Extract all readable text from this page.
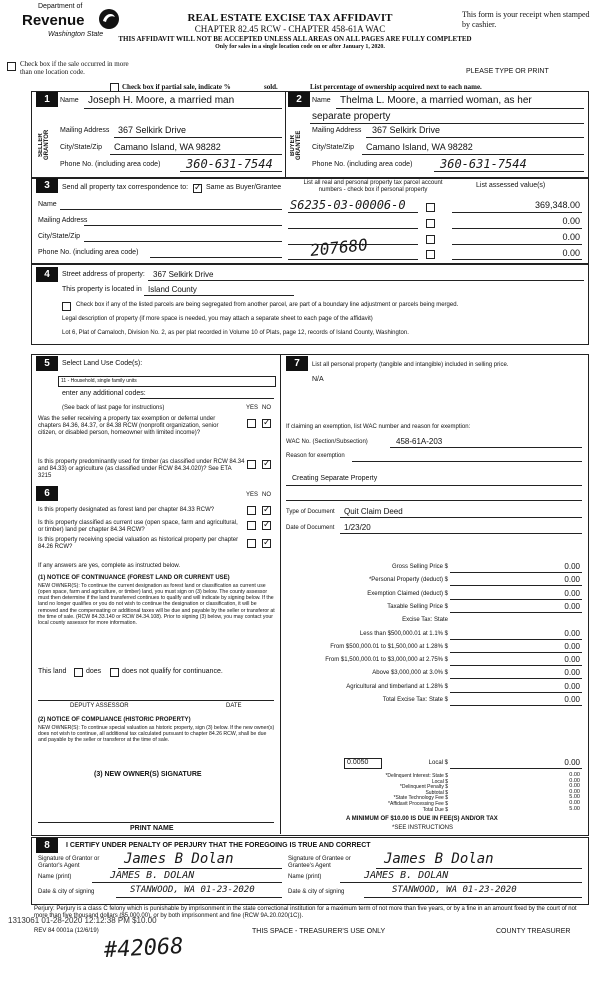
Department of
Revenue
Washington State
REAL ESTATE EXCISE TAX AFFIDAVIT
CHAPTER 82.45 RCW - CHAPTER 458-61A WAC
THIS AFFIDAVIT WILL NOT BE ACCEPTED UNLESS ALL AREAS ON ALL PAGES ARE FULLY COMPLETED
Only for sales in a single location code on or after January 1, 2020.
This form is your receipt when stamped by cashier.
PLEASE TYPE OR PRINT
Check box if the sale occurred in more than one location code.
Check box if partial sale, indicate %	sold.	List percentage of ownership acquired next to each name.
1
SELLER GRANTOR
Name Joseph H. Moore, a married man
Mailing Address 367 Selkirk Drive
City/State/Zip Camano Island, WA 98282
Phone No. (including area code) 360-631-7544
2
BUYER GRANTEE
Name Thelma L. Moore, a married woman, as her
separate property
Mailing Address 367 Selkirk Drive
City/State/Zip Camano Island, WA 98282
Phone No. (including area code) 360-631-7544
3	Send all property tax correspondence to:
✓	Same as Buyer/Grantee
List all real and personal property tax parcel account numbers - check box if personal property
List assessed value(s)
Name
Mailing Address
City/State/Zip
Phone No. (including area code)
S6235-03-00006-0
207680
369,348.00
0.00
0.00
0.00
4	Street address of property: 367 Selkirk Drive
This property is located in Island County
Check box if any of the listed parcels are being segregated from another parcel, are part of a boundary line adjustment or parcels being merged.
Legal description of property (if more space is needed, you may attach a separate sheet to each page of the affidavit)
Lot 6, Plat of Camaloch, Division No. 2, as per plat recorded in Volume 10 of Plats, page 12, records of Island County, Washington.
5	Select Land Use Code(s):
11 - Household, single family units
enter any additional codes:
(See back of last page for instructions)	YES NO
Was the seller receiving a property tax exemption or deferral under chapters 84.36, 84.37, or 84.38 RCW (nonprofit organization, senior citizen, or disabled person, homeowner with limited income)?
✓
Is this property predominantly used for timber (as classified under RCW 84.34 and 84.33) or agriculture (as classified under RCW 84.34.020)? See ETA 3215
✓
6	YES NO
Is this property designated as forest land per chapter 84.33 RCW?
✓
Is this property classified as current use (open space, farm and agricultural, or timber) land per chapter 84.34 RCW?
✓
Is this property receiving special valuation as historical property per chapter 84.26 RCW?
✓
If any answers are yes, complete as instructed below.
(1) NOTICE OF CONTINUANCE (FOREST LAND OR CURRENT USE)
NEW OWNER(S): To continue the current designation as forest land or classification as current use (open space, farm and agriculture, or timber) land, you must sign on (3) below. The county assessor must then determine if the land transferred continues to qualify and will indicate by signing below. If the land no longer qualifies or you do not wish to continue the designation or classification, it will be removed and the compensating or additional taxes will be due and payable by the seller or transferor at the time of sale. (RCW 84.33.140 or RCW 84.34.108). Prior to signing (3) below, you may contact your local county assessor for more information.
This land	does	does not qualify for continuance.
DEPUTY ASSESSOR	DATE
(2) NOTICE OF COMPLIANCE (HISTORIC PROPERTY)
NEW OWNER(S): To continue special valuation as historic property, sign (3) below. If the new owner(s) does not wish to continue, all additional tax calculated pursuant to chapter 84.26 RCW, shall be due and payable by the seller or transferor at the time of sale.
(3) NEW OWNER(S) SIGNATURE
PRINT NAME
7	List all personal property (tangible and intangible) included in selling price.
N/A
If claiming an exemption, list WAC number and reason for exemption:
WAC No. (Section/Subsection)	458-61A-203
Reason for exemption
Creating Separate Property
Type of Document Quit Claim Deed
Date of Document 1/23/20
Gross Selling Price $	0.00
*Personal Property (deduct) $	0.00
Exemption Claimed (deduct) $	0.00
Taxable Selling Price $	0.00
Excise Tax: State
Less than $500,000.01 at 1.1% $	0.00
From $500,000.01 to $1,500,000 at 1.28% $	0.00
From $1,500,000.01 to $3,000,000 at 2.75% $	0.00
Above $3,000,000 at 3.0% $	0.00
Agricultural and timberland at 1.28% $	0.00
Total Excise Tax: State $	0.00
0.0050	Local $	0.00
*Delinquent Interest: State $	0.00
Local $	0.00
*Delinquent Penalty $	0.00
Subtotal $	0.00
*State Technology Fee $	5.00
*Affidavit Processing Fee $	0.00
Total Due $	5.00
A MINIMUM OF $10.00 IS DUE IN FEE(S) AND/OR TAX
*SEE INSTRUCTIONS
8	I CERTIFY UNDER PENALTY OF PERJURY THAT THE FOREGOING IS TRUE AND CORRECT
Signature of Grantor or Grantor's Agent	James B Dolan
Name (print)	JAMES B. DOLAN
Date & city of signing	STANWOOD, WA 01-23-2020
Signature of Grantee or Grantee's Agent	James B Dolan
Name (print)	JAMES B. DOLAN
Date & city of signing	STANWOOD, WA 01-23-2020
Perjury: Perjury is a class C felony which is punishable by imprisonment in the state correctional institution for a maximum term of not more than five years, or by a fine in an amount fixed by the court of not more than five thousand dollars ($5,000.00), or by both imprisonment and fine (RCW 9A.20.020(1C)).
1313061 01-28-2020 12:12:38 PM $10.00
REV 84 0001a (12/6/19)	THIS SPACE - TREASURER'S USE ONLY	COUNTY TREASURER
#42068
